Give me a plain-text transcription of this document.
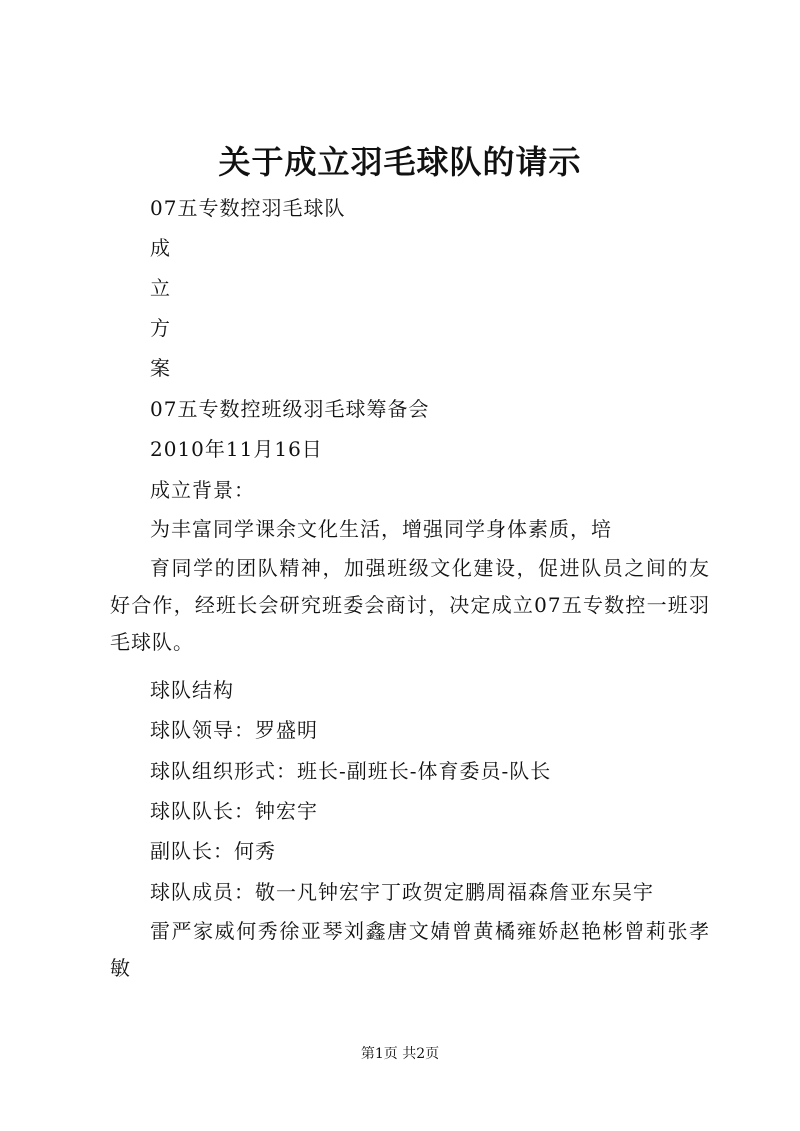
关于成立羽毛球队的请示
07五专数控羽毛球队
成
立
方
案
07五专数控班级羽毛球筹备会
2010年11月16日
成立背景：
为丰富同学课余文化生活，增强同学身体素质，培
育同学的团队精神，加强班级文化建设，促进队员之间的友好合作，经班长会研究班委会商讨，决定成立07五专数控一班羽毛球队。
球队结构
球队领导：罗盛明
球队组织形式：班长-副班长-体育委员-队长
球队队长：钟宏宇
副队长：何秀
球队成员：敬一凡钟宏宇丁政贺定鹏周福森詹亚东吴宇
雷严家威何秀徐亚琴刘鑫唐文婧曾黄橘雍娇赵艳彬曾莉张孝敏
第1页 共2页
